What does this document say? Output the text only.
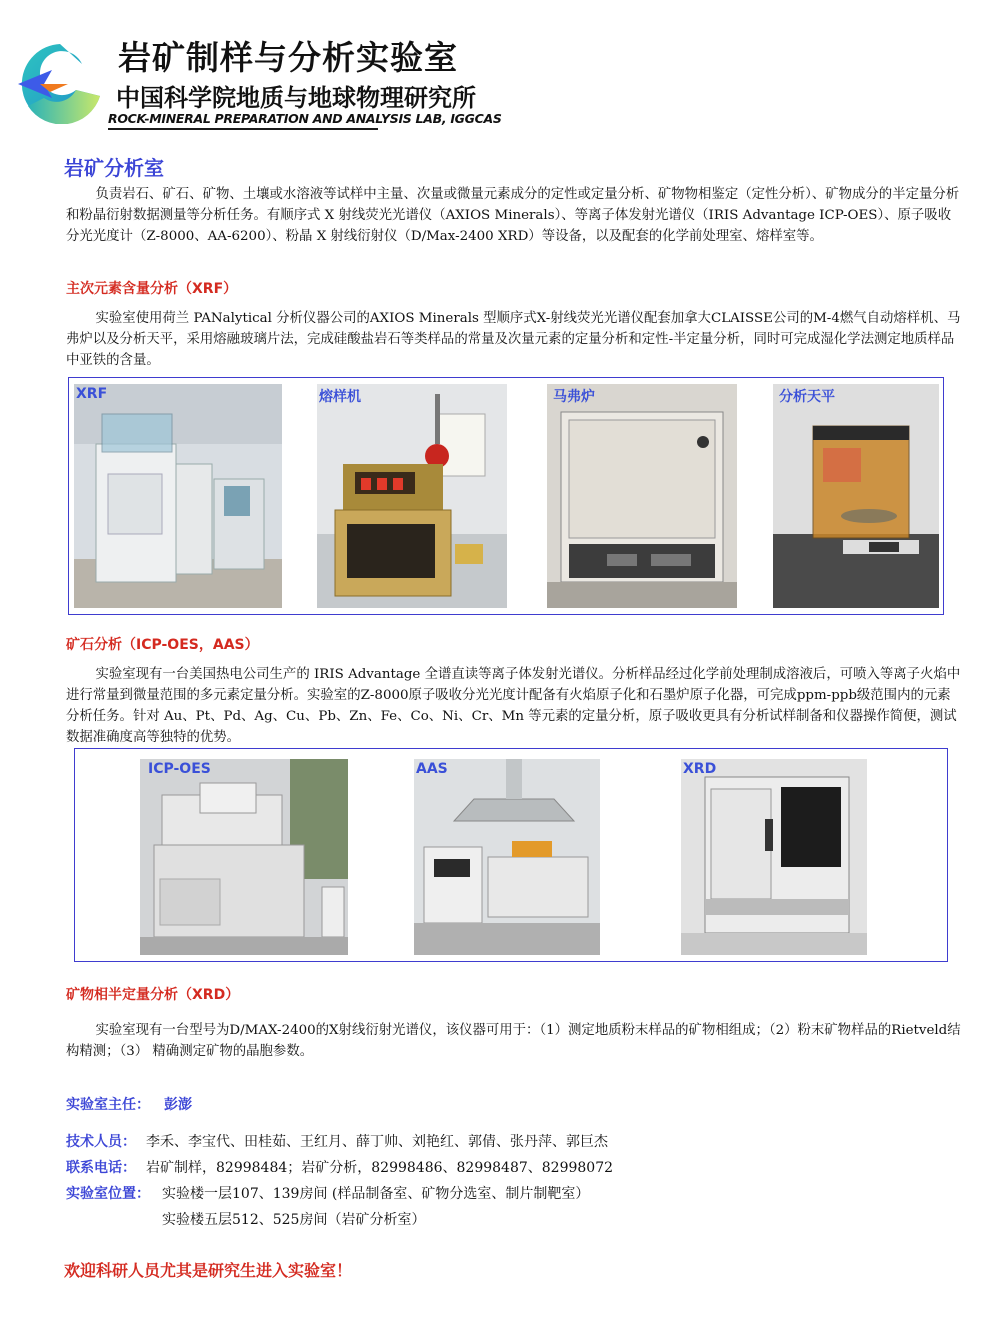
岩矿制样与分析实验室
中国科学院地质与地球物理研究所
ROCK-MINERAL PREPARATION AND ANALYSIS LAB, IGGCAS
岩矿分析室

负责岩石、矿石、矿物、土壤或水溶液等试样中主量、次量或微量元素成分的定性或定量分析、矿物物相鉴定（定性分析）、矿物成分的半定量分析和粉晶衍射数据测量等分析任务。有顺序式 X 射线荧光光谱仪（AXIOS Minerals）、等离子体发射光谱仪（IRIS Advantage ICP-OES）、原子吸收分光光度计（Z-8000、AA-6200）、粉晶 X 射线衍射仪（D/Max-2400 XRD）等设备，以及配套的化学前处理室、熔样室等。

主次元素含量分析（XRF）

实验室使用荷兰 PANalytical 分析仪器公司的AXIOS Minerals 型顺序式X-射线荧光光谱仪配套加拿大CLAISSE公司的M-4燃气自动熔样机、马弗炉以及分析天平，采用熔融玻璃片法，完成硅酸盐岩石等类样品的常量及次量元素的定量分析和定性-半定量分析，同时可完成湿化学法测定地质样品中亚铁的含量。

XRF	熔样机	马弗炉	分析天平
矿石分析（ICP-OES，AAS）

实验室现有一台美国热电公司生产的 IRIS Advantage 全谱直读等离子体发射光谱仪。分析样品经过化学前处理制成溶液后，可喷入等离子火焰中进行常量到微量范围的多元素定量分析。实验室的Z-8000原子吸收分光光度计配备有火焰原子化和石墨炉原子化器，可完成ppm-ppb级范围内的元素分析任务。针对 Au、Pt、Pd、Ag、Cu、Pb、Zn、Fe、Co、Ni、Cr、Mn 等元素的定量分析，原子吸收更具有分析试样制备和仪器操作简便，测试数据准确度高等独特的优势。

ICP-OES	AAS	XRD
矿物相半定量分析（XRD）

实验室现有一台型号为D/MAX-2400的X射线衍射光谱仪，该仪器可用于：（1）测定地质粉末样品的矿物相组成；（2）粉末矿物样品的Rietveld结构精测；（3） 精确测定矿物的晶胞参数。

实验室主任： 彭澎
技术人员： 李禾、李宝代、田桂茹、王红月、薛丁帅、刘艳红、郭倩、张丹萍、郭巨杰
联系电话： 岩矿制样，82998484；岩矿分析，82998486、82998487、82998072
实验室位置： 实验楼一层107、139房间 (样品制备室、矿物分选室、制片制靶室）
实验楼五层512、525房间（岩矿分析室）
欢迎科研人员尤其是研究生进入实验室！
